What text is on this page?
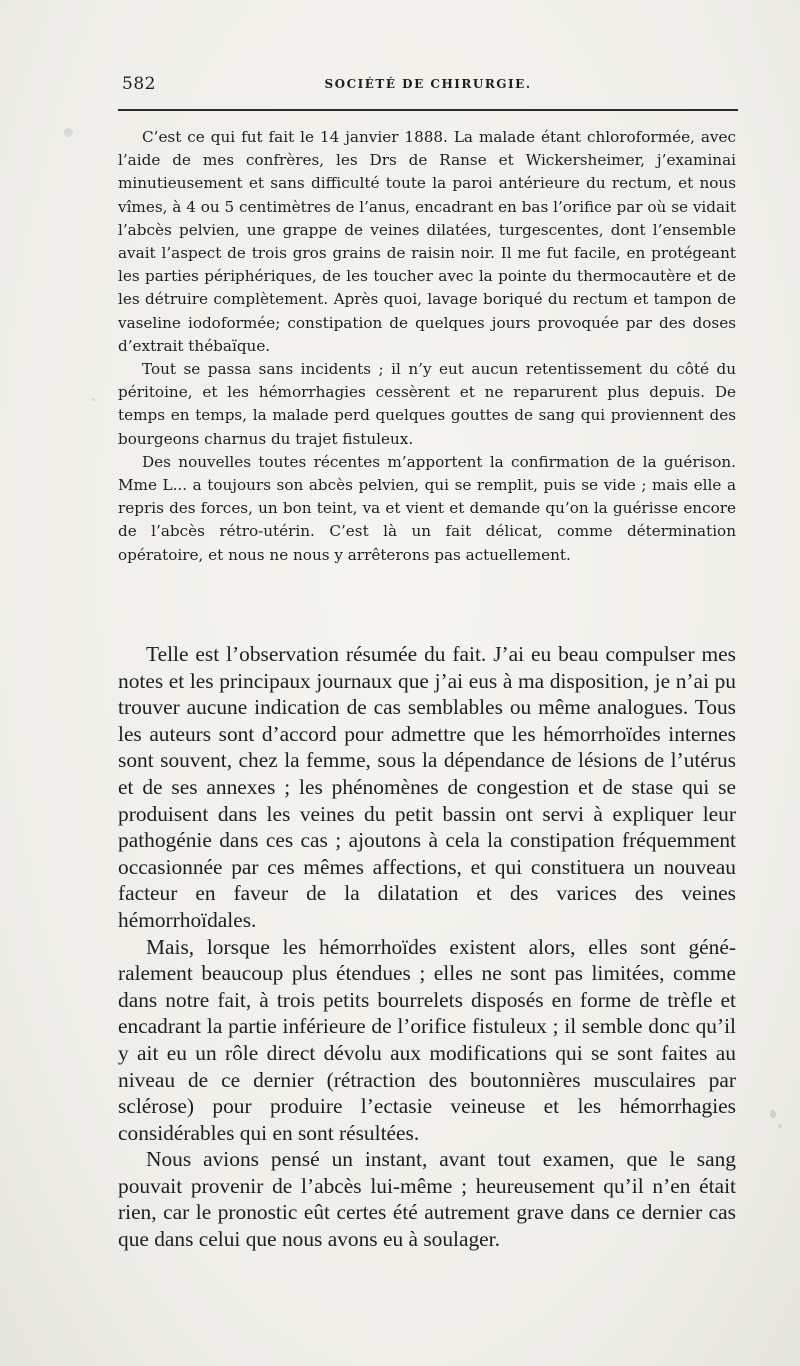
582	SOCIÉTÉ DE CHIRURGIE.

C’est ce qui fut fait le 14 janvier 1888. La malade étant chloroformée, avec l’aide de mes confrères, les Drs de Ranse et Wickersheimer, j’examinai minutieusement et sans difficulté toute la paroi antérieure du rectum, et nous vîmes, à 4 ou 5 centimètres de l’anus, encadrant en bas l’orifice par où se vidait l’abcès pelvien, une grappe de veines dilatées, turgescentes, dont l’ensemble avait l’aspect de trois gros grains de raisin noir. Il me fut facile, en protégeant les parties périphériques, de les toucher avec la pointe du thermocautère et de les détruire complètement. Après quoi, lavage boriqué du rectum et tampon de vaseline iodoformée; constipation de quelques jours provoquée par des doses d’extrait thébaïque.

Tout se passa sans incidents ; il n’y eut aucun retentissement du côté du péritoine, et les hémorrhagies cessèrent et ne reparurent plus depuis. De temps en temps, la malade perd quelques gouttes de sang qui proviennent des bourgeons charnus du trajet fistuleux.

Des nouvelles toutes récentes m’apportent la confirmation de la guérison. Mme L... a toujours son abcès pelvien, qui se remplit, puis se vide ; mais elle a repris des forces, un bon teint, va et vient et demande qu’on la guérisse encore de l’abcès rétro-utérin. C’est là un fait délicat, comme détermination opératoire, et nous ne nous y arrêterons pas actuellement.

Telle est l’observation résumée du fait. J’ai eu beau compulser mes notes et les principaux journaux que j’ai eus à ma disposition, je n’ai pu trouver aucune indication de cas semblables ou même analogues. Tous les auteurs sont d’accord pour admettre que les hémorrhoïdes internes sont souvent, chez la femme, sous la dépendance de lésions de l’utérus et de ses annexes ; les phénomènes de congestion et de stase qui se produisent dans les veines du petit bassin ont servi à expliquer leur pathogénie dans ces cas ; ajoutons à cela la constipation fréquemment occasionnée par ces mêmes affections, et qui constituera un nouveau facteur en faveur de la dilatation et des varices des veines hémorrhoïdales.

Mais, lorsque les hémorrhoïdes existent alors, elles sont généralement beaucoup plus étendues ; elles ne sont pas limitées, comme dans notre fait, à trois petits bourrelets disposés en forme de trèfle et encadrant la partie inférieure de l’orifice fistuleux ; il semble donc qu’il y ait eu un rôle direct dévolu aux modifications qui se sont faites au niveau de ce dernier (rétraction des boutonnières musculaires par sclérose) pour produire l’ectasie veineuse et les hémorrhagies considérables qui en sont résultées.

Nous avions pensé un instant, avant tout examen, que le sang pouvait provenir de l’abcès lui-même ; heureusement qu’il n’en était rien, car le pronostic eût certes été autrement grave dans ce dernier cas que dans celui que nous avons eu à soulager.
